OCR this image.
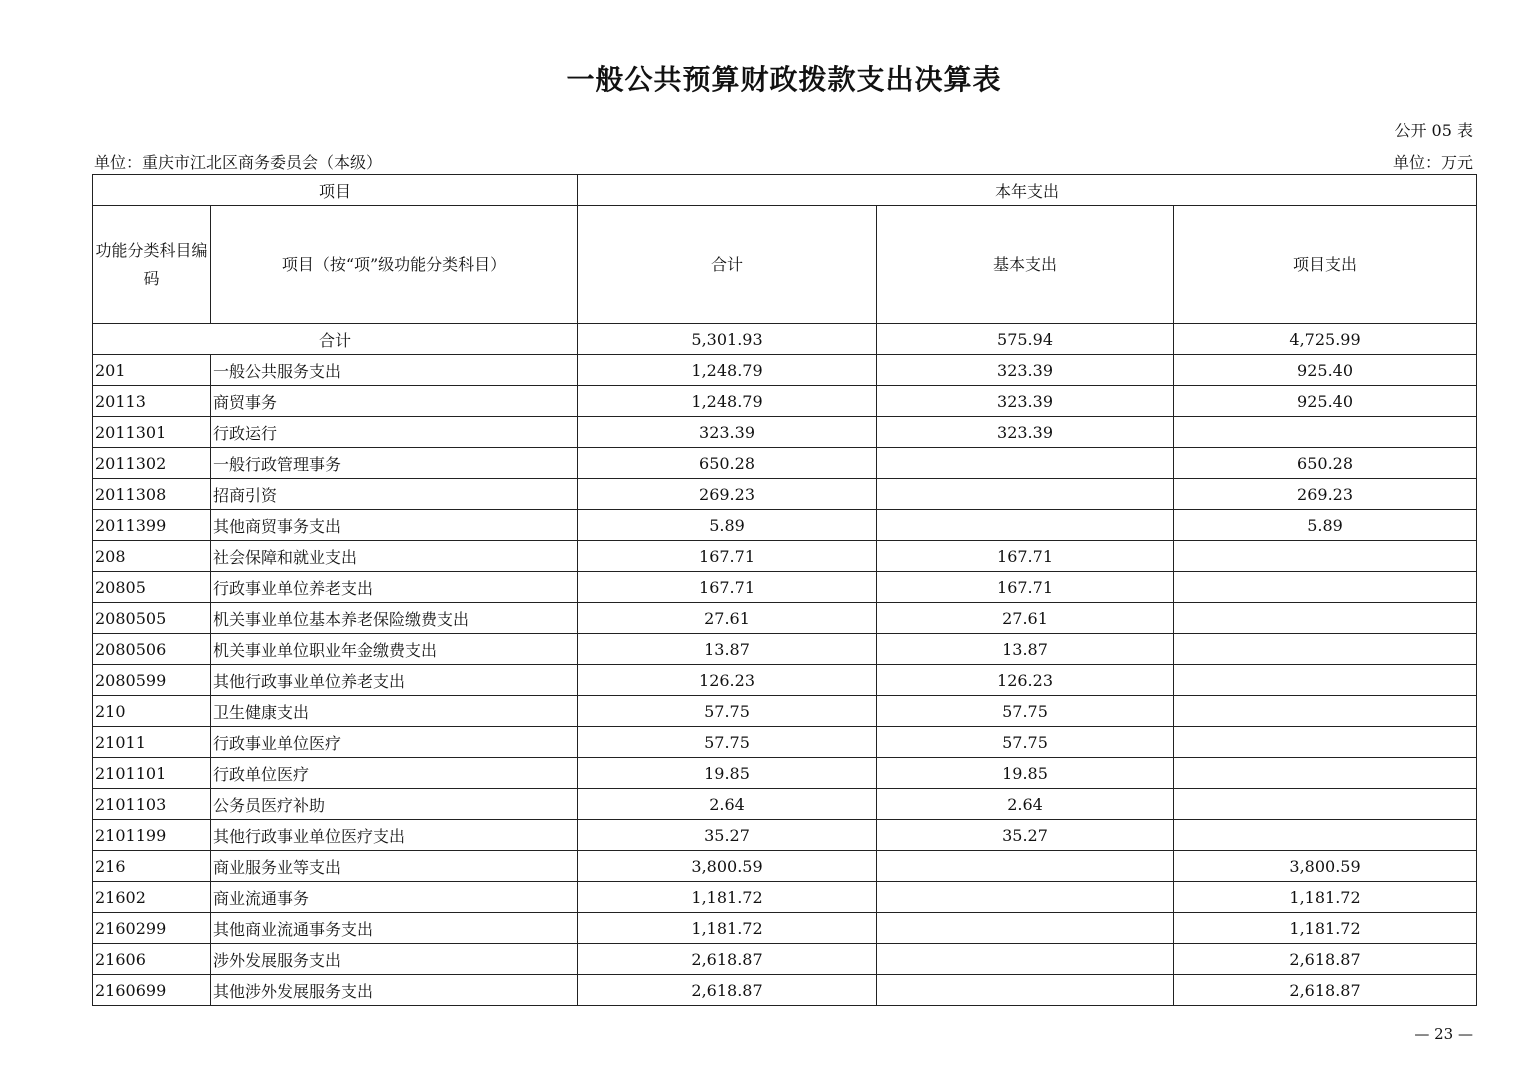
一般公共预算财政拨款支出决算表
公开 05 表
单位：重庆市江北区商务委员会（本级）	单位：万元
项目		本年支出		
功能分类科目编码	项目（按“项”级功能分类科目）	合计	基本支出	项目支出
合计		5,301.93	575.94	4,725.99
201	一般公共服务支出	1,248.79	323.39	925.40
20113	商贸事务	1,248.79	323.39	925.40
2011301	行政运行	323.39	323.39	
2011302	一般行政管理事务	650.28		650.28
2011308	招商引资	269.23		269.23
2011399	其他商贸事务支出	5.89		5.89
208	社会保障和就业支出	167.71	167.71	
20805	行政事业单位养老支出	167.71	167.71	
2080505	机关事业单位基本养老保险缴费支出	27.61	27.61	
2080506	机关事业单位职业年金缴费支出	13.87	13.87	
2080599	其他行政事业单位养老支出	126.23	126.23	
210	卫生健康支出	57.75	57.75	
21011	行政事业单位医疗	57.75	57.75	
2101101	行政单位医疗	19.85	19.85	
2101103	公务员医疗补助	2.64	2.64	
2101199	其他行政事业单位医疗支出	35.27	35.27	
216	商业服务业等支出	3,800.59		3,800.59
21602	商业流通事务	1,181.72		1,181.72
2160299	其他商业流通事务支出	1,181.72		1,181.72
21606	涉外发展服务支出	2,618.87		2,618.87
2160699	其他涉外发展服务支出	2,618.87		2,618.87
— 23 —
